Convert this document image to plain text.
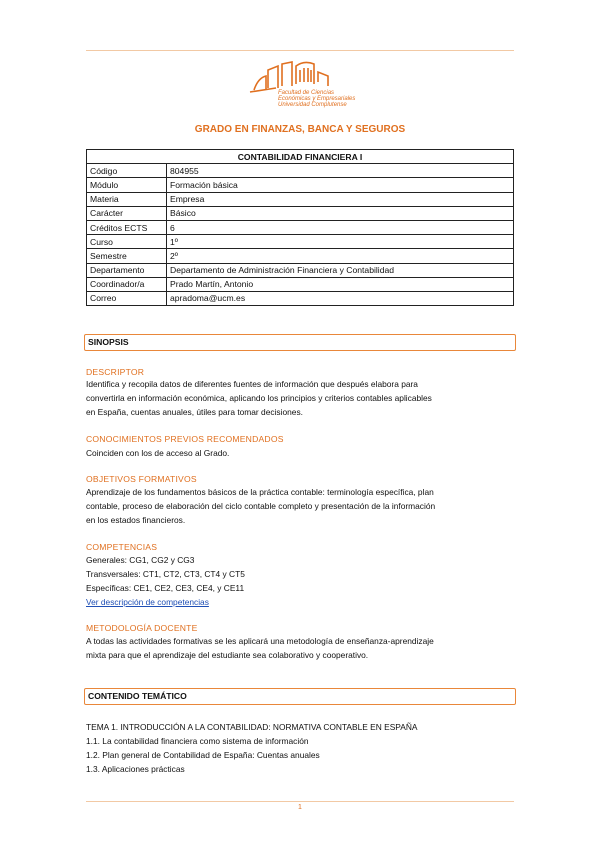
Facultad de Ciencias
Económicas y Empresariales
Universidad Complutense
GRADO EN FINANZAS, BANCA Y SEGUROS
CONTABILIDAD FINANCIERA I	
Código	804955
Módulo	Formación básica
Materia	Empresa
Carácter	Básico
Créditos ECTS	6
Curso	1º
Semestre	2º
Departamento	Departamento de Administración Financiera y Contabilidad
Coordinador/a	Prado Martín, Antonio
Correo	apradoma@ucm.es
SINOPSIS
DESCRIPTOR
Identifica y recopila datos de diferentes fuentes de información que después elabora para
convertirla en información económica, aplicando los principios y criterios contables aplicables
en España, cuentas anuales, útiles para tomar decisiones.
CONOCIMIENTOS PREVIOS RECOMENDADOS
Coinciden con los de acceso al Grado.
OBJETIVOS FORMATIVOS
Aprendizaje de los fundamentos básicos de la práctica contable: terminología específica, plan
contable, proceso de elaboración del ciclo contable completo y presentación de la información
en los estados financieros.
COMPETENCIAS
Generales: CG1, CG2 y CG3
Transversales: CT1, CT2, CT3, CT4 y CT5
Específicas: CE1, CE2, CE3, CE4, y CE11
Ver descripción de competencias
METODOLOGÍA DOCENTE
A todas las actividades formativas se les aplicará una metodología de enseñanza-aprendizaje
mixta para que el aprendizaje del estudiante sea colaborativo y cooperativo.
CONTENIDO TEMÁTICO
TEMA 1. INTRODUCCIÓN A LA CONTABILIDAD: NORMATIVA CONTABLE EN ESPAÑA
1.1. La contabilidad financiera como sistema de información
1.2. Plan general de Contabilidad de España: Cuentas anuales
1.3. Aplicaciones prácticas
1
